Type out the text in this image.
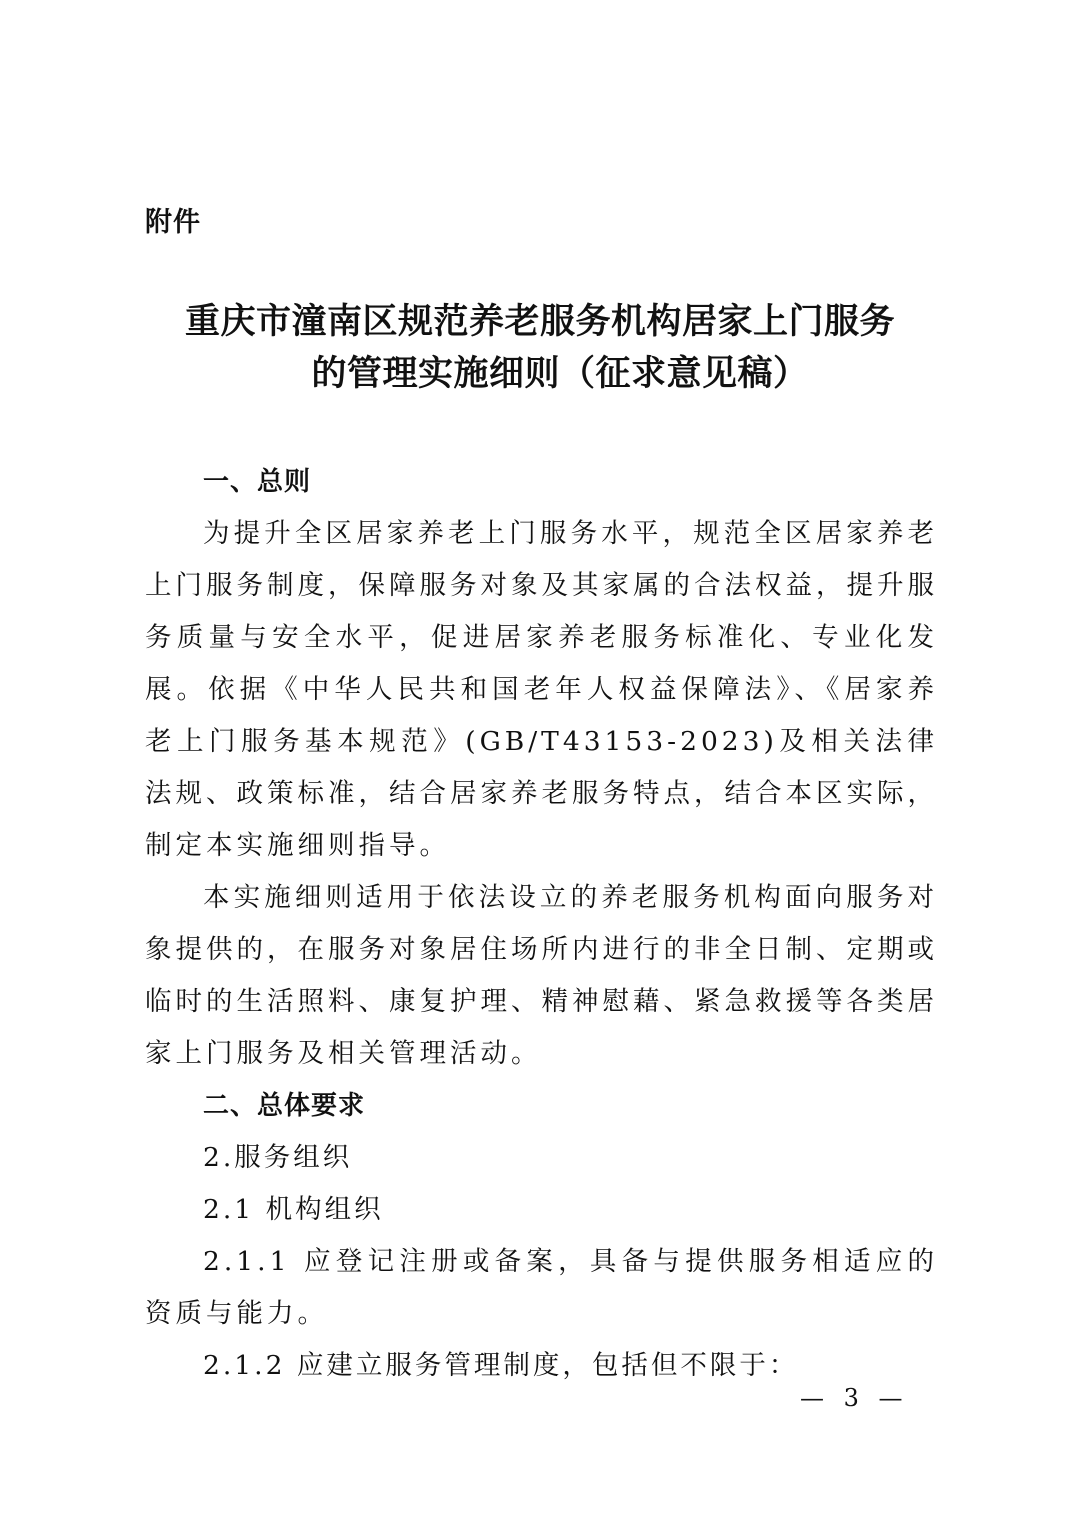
附件
重庆市潼南区规范养老服务机构居家上门服务
的管理实施细则（征求意见稿）

一、总则

为提升全区居家养老上门服务水平，规范全区居家养老上门服务制度，保障服务对象及其家属的合法权益，提升服务质量与安全水平，促进居家养老服务标准化、专业化发展。依据《中华人民共和国老年人权益保障法》、《居家养老上门服务基本规范》(GB/T43153-2023)及相关法律法规、政策标准，结合居家养老服务特点，结合本区实际，制定本实施细则指导。

本实施细则适用于依法设立的养老服务机构面向服务对象提供的，在服务对象居住场所内进行的非全日制、定期或临时的生活照料、康复护理、精神慰藉、紧急救援等各类居家上门服务及相关管理活动。

二、总体要求

2.服务组织

2.1 机构组织

2.1.1 应登记注册或备案，具备与提供服务相适应的资质与能力。

2.1.2 应建立服务管理制度，包括但不限于：

— 3 —
